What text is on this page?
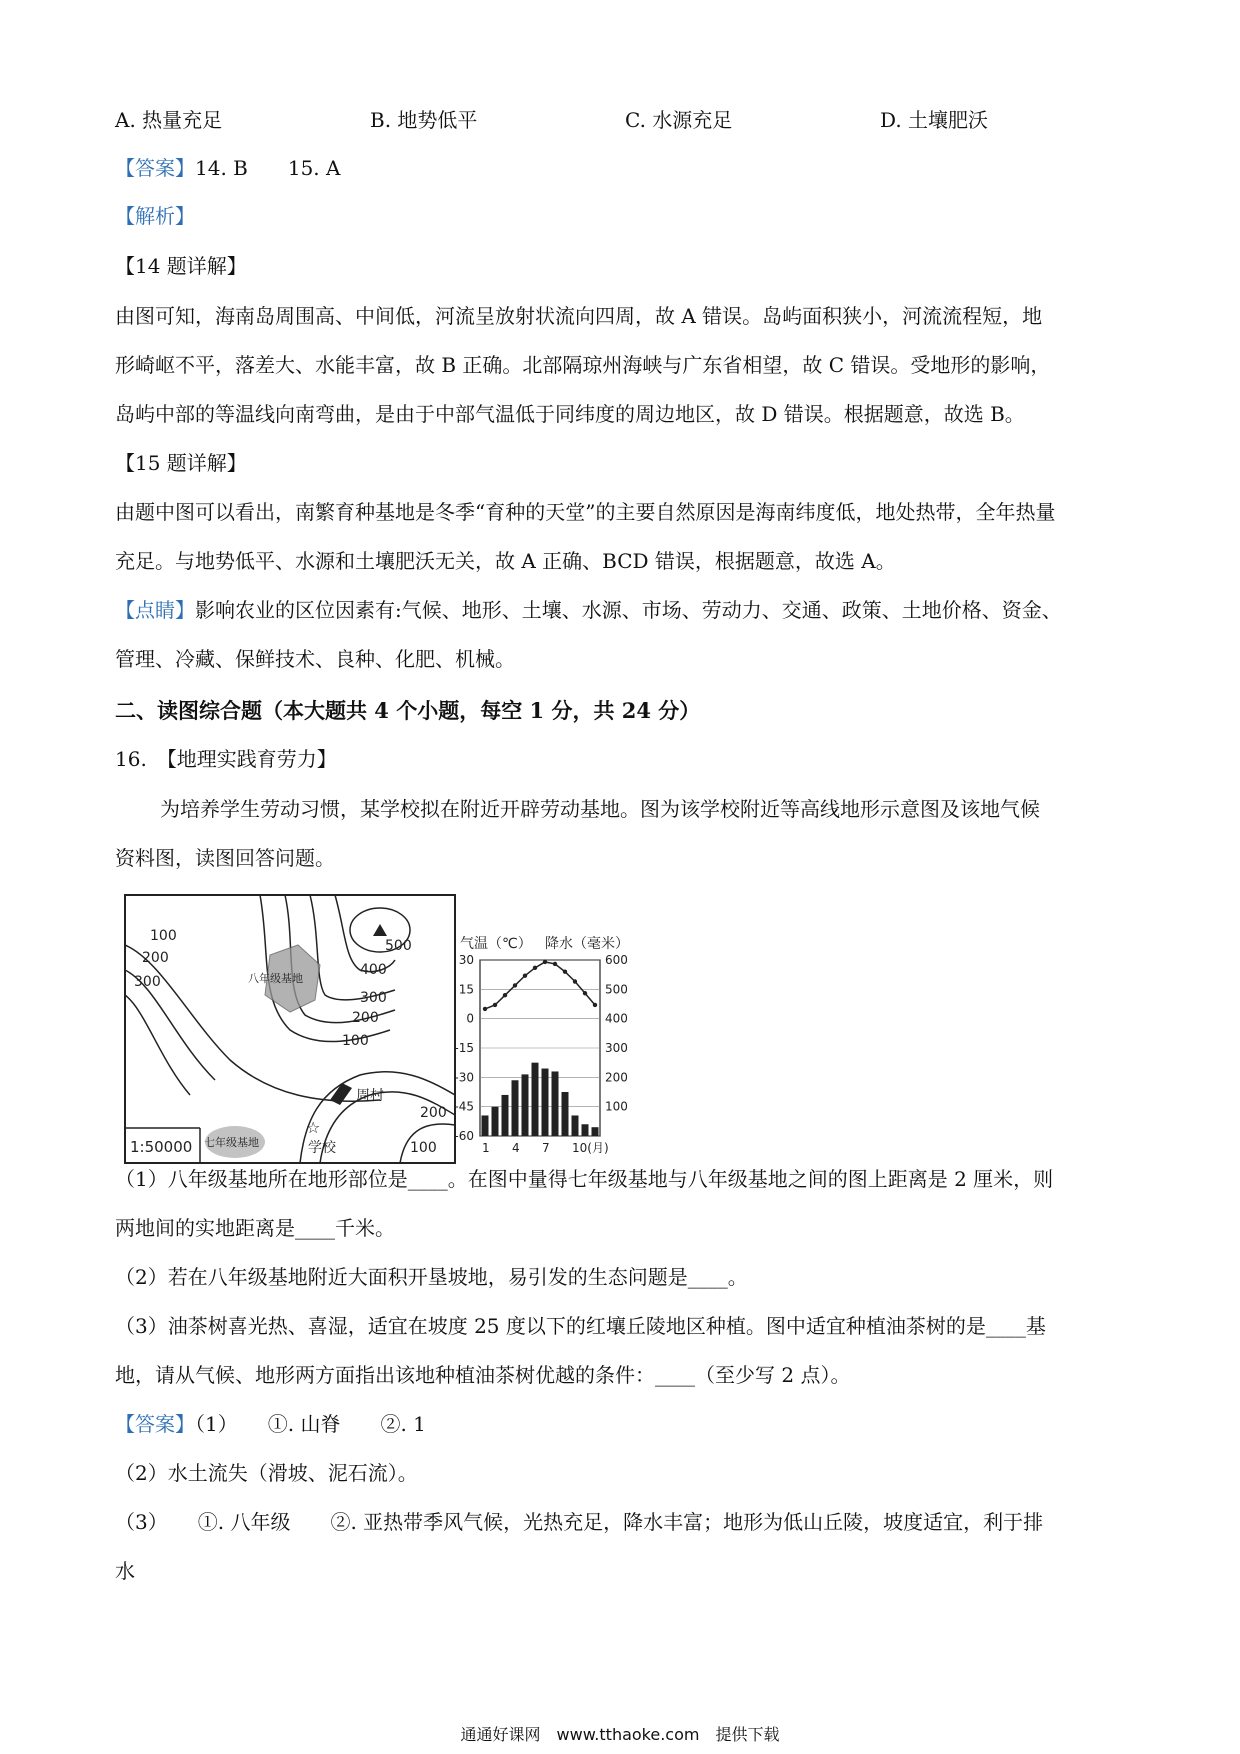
A. 热量充足	B. 地势低平	C. 水源充足	D. 土壤肥沃
【答案】14. B　　15. A
【解析】
【14 题详解】
由图可知，海南岛周围高、中间低，河流呈放射状流向四周，故 A 错误。岛屿面积狭小，河流流程短，地
形崎岖不平，落差大、水能丰富，故 B 正确。北部隔琼州海峡与广东省相望，故 C 错误。受地形的影响，
岛屿中部的等温线向南弯曲，是由于中部气温低于同纬度的周边地区，故 D 错误。根据题意，故选 B。
【15 题详解】
由题中图可以看出，南繁育种基地是冬季“育种的天堂”的主要自然原因是海南纬度低，地处热带，全年热量
充足。与地势低平、水源和土壤肥沃无关，故 A 正确、BCD 错误，根据题意，故选 A。
【点睛】影响农业的区位因素有:气候、地形、土壤、水源、市场、劳动力、交通、政策、土地价格、资金、
管理、冷藏、保鲜技术、良种、化肥、机械。
二、读图综合题（本大题共 4 个小题，每空 1 分，共 24 分）
16.　【地理实践育劳力】
为培养学生劳动习惯，某学校拟在附近开辟劳动基地。图为该学校附近等高线地形示意图及该地气候
资料图，读图回答问题。
八年级基地
七年级基地
周村
☆
学校
1:50000
100
200
300
500
400
300
200
100
200
100
气温（℃） 降水（毫米）
30
15
0
-15
-30
-45
-60
600
500
400
300
200
100
1 4 7 10(月)
（1）八年级基地所在地形部位是____。在图中量得七年级基地与八年级基地之间的图上距离是 2 厘米，则
两地间的实地距离是____千米。
（2）若在八年级基地附近大面积开垦坡地，易引发的生态问题是____。
（3）油茶树喜光热、喜湿，适宜在坡度 25 度以下的红壤丘陵地区种植。图中适宜种植油茶树的是____基
地，请从气候、地形两方面指出该地种植油茶树优越的条件：____（至少写 2 点）。
【答案】（1）　　①. 山脊　　②. 1
（2）水土流失（滑坡、泥石流）。
（3）　　①. 八年级　　②. 亚热带季风气候，光热充足，降水丰富；地形为低山丘陵，坡度适宜，利于排
水
通通好课网　www.tthaoke.com　提供下载
